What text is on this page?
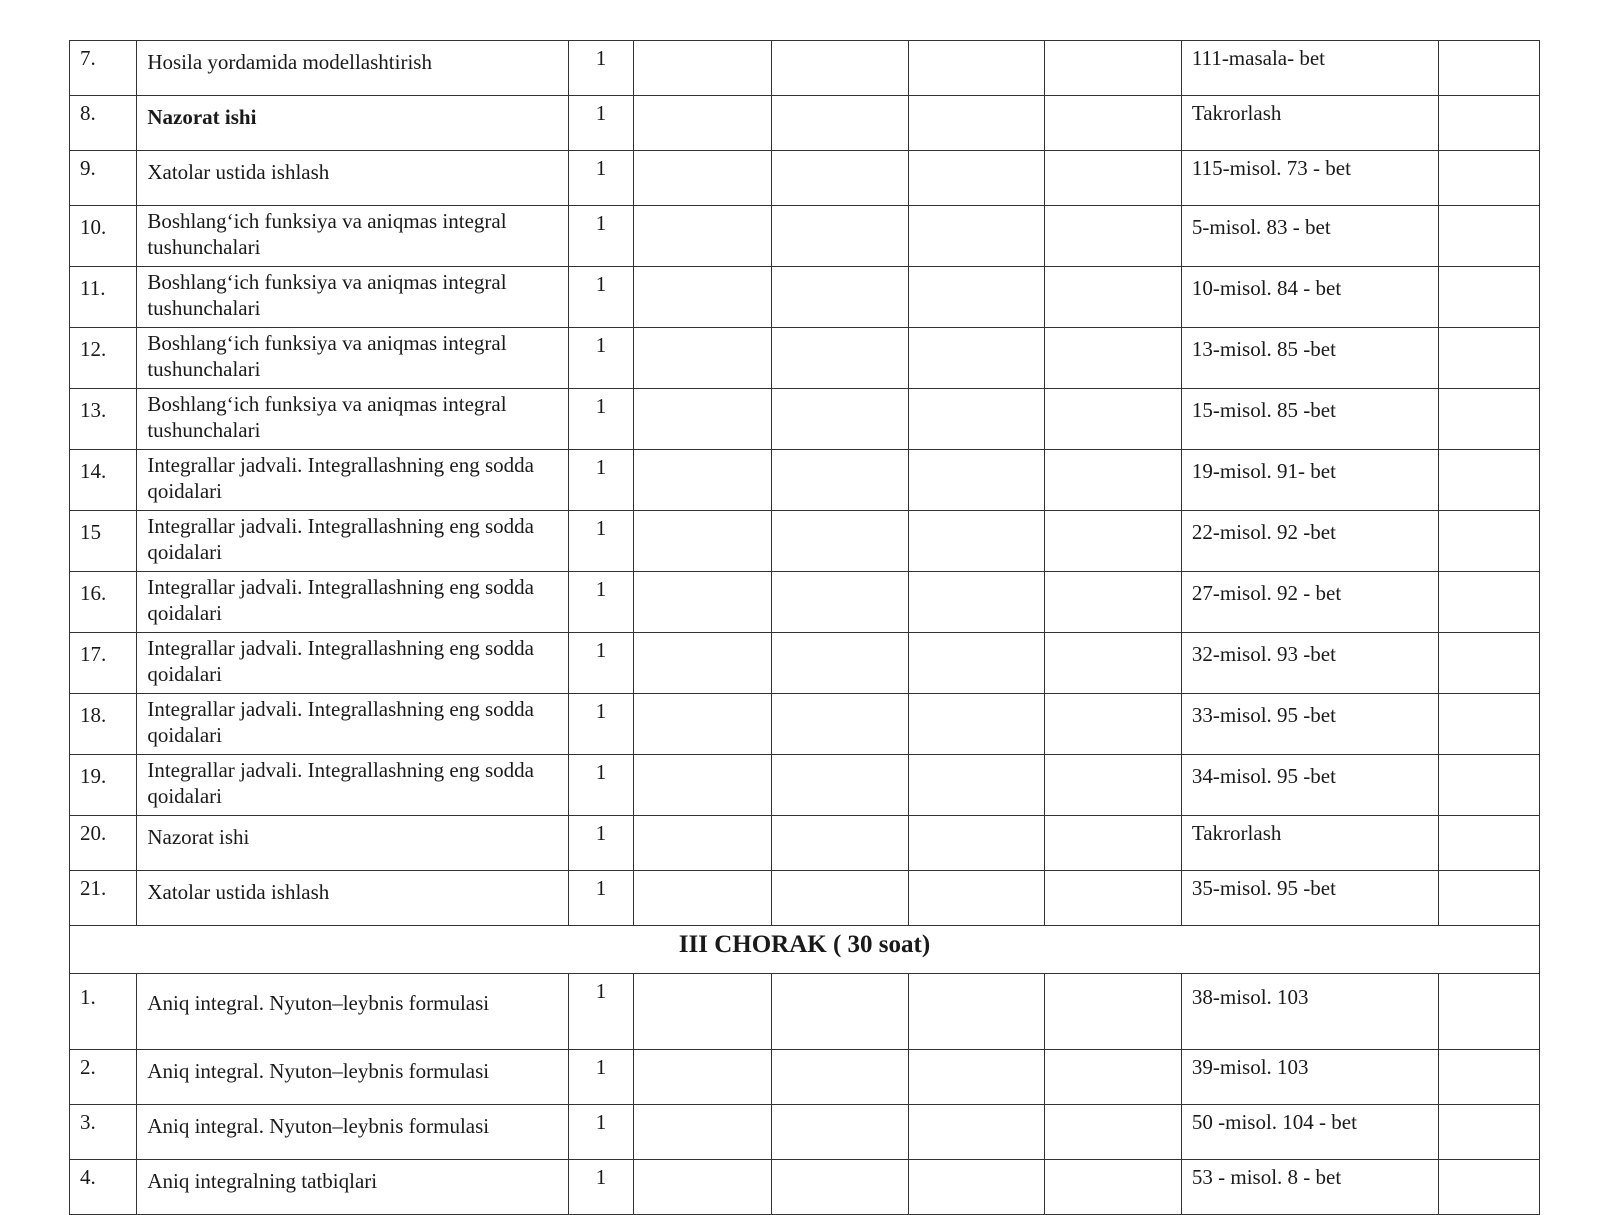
7.	Hosila yordamida modellashtirish	1					111-masala- bet	
8.	Nazorat ishi	1					Takrorlash	
9.	Xatolar ustida ishlash	1					115-misol. 73 - bet	
10.	Boshlang‘ich funksiya va aniqmas integral tushunchalari	1					5-misol. 83 - bet	
11.	Boshlang‘ich funksiya va aniqmas integral tushunchalari	1					10-misol. 84 - bet	
12.	Boshlang‘ich funksiya va aniqmas integral tushunchalari	1					13-misol. 85 -bet	
13.	Boshlang‘ich funksiya va aniqmas integral tushunchalari	1					15-misol. 85 -bet	
14.	Integrallar jadvali. Integrallashning eng sodda qoidalari	1					19-misol. 91- bet	
15	Integrallar jadvali. Integrallashning eng sodda qoidalari	1					22-misol. 92 -bet	
16.	Integrallar jadvali. Integrallashning eng sodda qoidalari	1					27-misol. 92 - bet	
17.	Integrallar jadvali. Integrallashning eng sodda qoidalari	1					32-misol. 93 -bet	
18.	Integrallar jadvali. Integrallashning eng sodda qoidalari	1					33-misol. 95 -bet	
19.	Integrallar jadvali. Integrallashning eng sodda qoidalari	1					34-misol. 95 -bet	
20.	Nazorat ishi	1					Takrorlash	
21.	Xatolar ustida ishlash	1					35-misol. 95 -bet	
III CHORAK ( 30 soat)								
1.	Aniq integral. Nyuton–leybnis formulasi	1					38-misol. 103	
2.	Aniq integral. Nyuton–leybnis formulasi	1					39-misol. 103	
3.	Aniq integral. Nyuton–leybnis formulasi	1					50 -misol. 104 - bet	
4.	Aniq integralning tatbiqlari	1					53 - misol. 8 - bet	
